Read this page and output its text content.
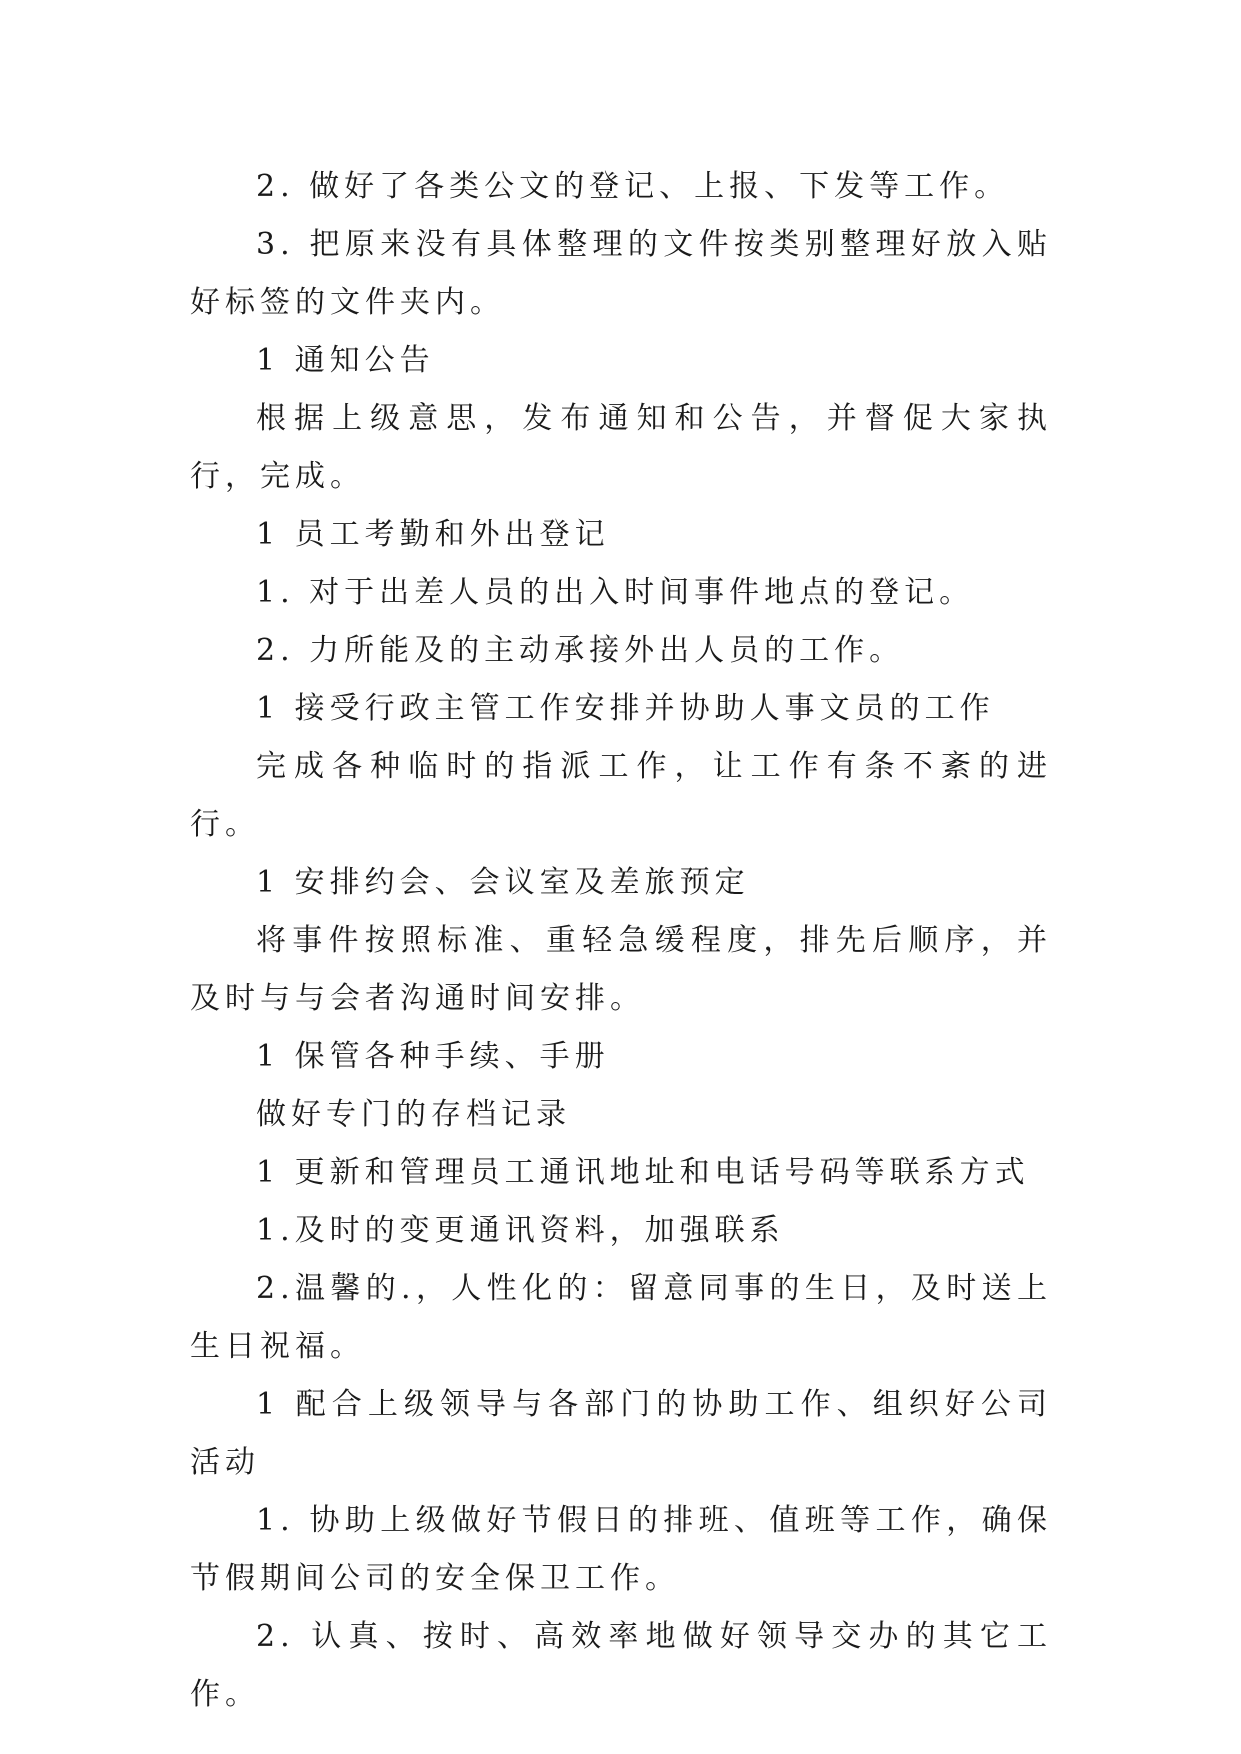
2. 做好了各类公文的登记、上报、下发等工作。

3. 把原来没有具体整理的文件按类别整理好放入贴好标签的文件夹内。

1 通知公告

根据上级意思，发布通知和公告，并督促大家执行，完成。

1 员工考勤和外出登记

1. 对于出差人员的出入时间事件地点的登记。

2. 力所能及的主动承接外出人员的工作。

1 接受行政主管工作安排并协助人事文员的工作

完成各种临时的指派工作，让工作有条不紊的进行。

1 安排约会、会议室及差旅预定

将事件按照标准、重轻急缓程度，排先后顺序，并及时与与会者沟通时间安排。

1 保管各种手续、手册

做好专门的存档记录

1 更新和管理员工通讯地址和电话号码等联系方式

1.及时的变更通讯资料，加强联系

2.温馨的.，人性化的：留意同事的生日，及时送上生日祝福。

1 配合上级领导与各部门的协助工作、组织好公司活动

1. 协助上级做好节假日的排班、值班等工作，确保节假期间公司的安全保卫工作。

2. 认真、按时、高效率地做好领导交办的其它工作。
